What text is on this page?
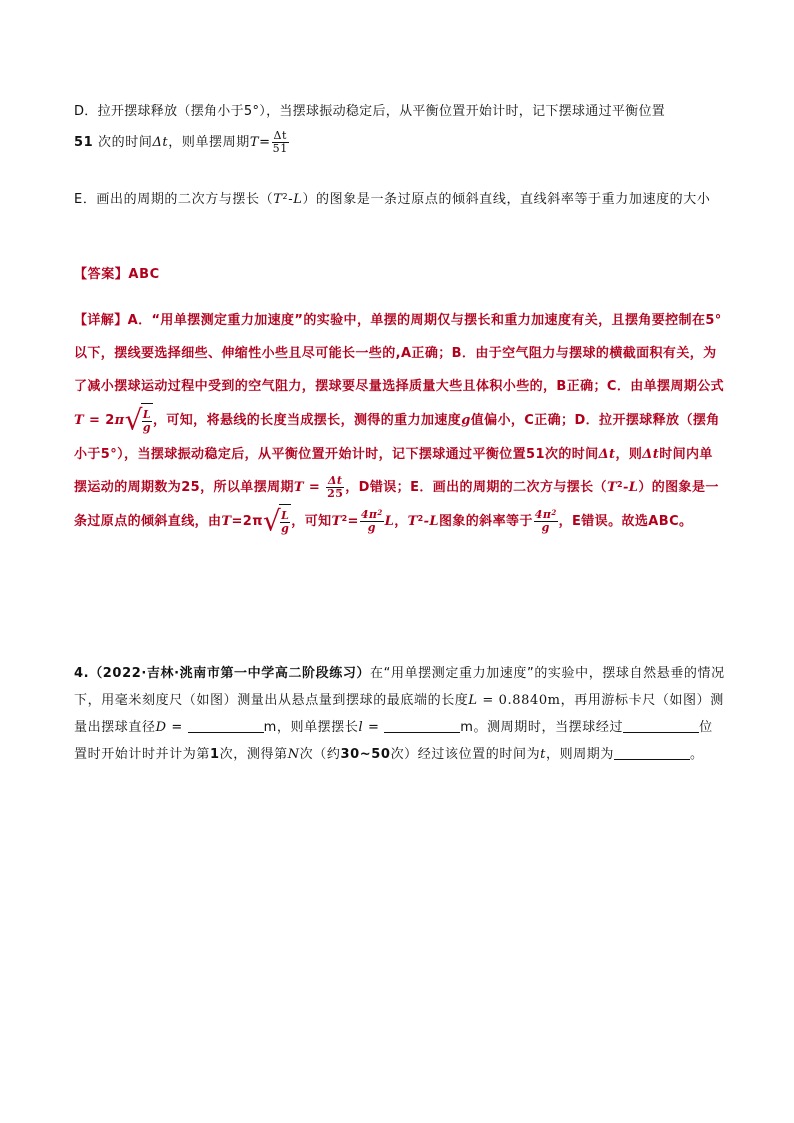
D．拉开摆球释放（摆角小于5°），当摆球振动稳定后，从平衡位置开始计时，记下摆球通过平衡位置
51 次的时间Δt，则单摆周期$T= \frac{\Delta t}{51}$
E．画出的周期的二次方与摆长$(T^2-L)$的图象是一条过原点的倾斜直线，直线斜率等于重力加速度的大小
【答案】ABC
【详解】A．“用单摆测定重力加速度”的实验中，单摆的周期仅与摆长和重力加速度有关，且摆角要控制在5°以下，摆线要选择细些、伸缩性小些且尽可能长一些的,A正确；B．由于空气阻力与摆球的横截面积有关，为了减小摆球运动过程中受到的空气阻力，摆球要尽量选择质量大些且体积小些的，B正确；C．由单摆周期公式$T = 2\pi√ \frac{L}{g}$ ，可知，将悬线的长度当成摆长，测得的重力加速度g值偏小，C正确；D．拉开摆球释放（摆角小于5°），当摆球振动稳定后，从平衡位置开始计时，记下摆球通过平衡位置51次的时间Δt，则Δt时间内单摆运动的周期数为25，所以单摆周期$T = \frac{\Delta t}{25}$ ，D错误；E．画出的周期的二次方与摆长$(T^2-L)$的图象是一条过原点的倾斜直线，由$T=2\pi√ \frac{L}{g}$ ，可知$T^2= \frac{4\pi^2}{g}$ L，$T^2-L$图象的斜率等于 $\frac{4\pi^2}{g}$ ，E错误。故选ABC。
4.（2022·吉林·洮南市第一中学高二阶段练习）在“用单摆测定重力加速度”的实验中，摆球自然悬垂的情况下，用毫米刻度尺（如图）测量出从悬点量到摆球的最底端的长度L = 0.8840m，再用游标卡尺（如图）测量出摆球直径D =	m，则单摆摆长l =	m。测周期时，当摆球经过	位置时开始计时并计为第1次，测得第N次（约30~50次）经过该位置的时间为t，则周期为	。
